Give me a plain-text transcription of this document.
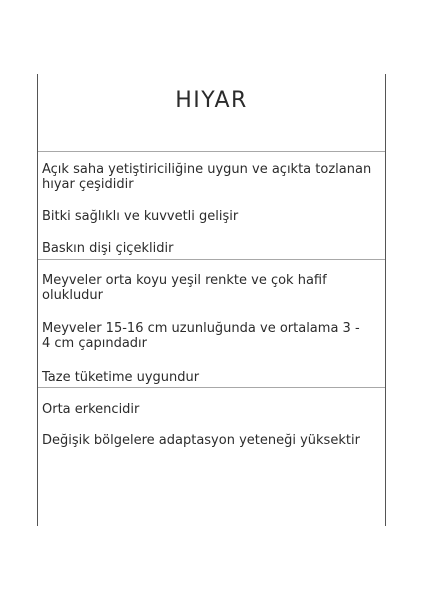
HIYAR
Açık saha yetiştiriciliğine uygun ve açıkta tozlanan hıyar çeşididir
Bitki sağlıklı ve kuvvetli gelişir
Baskın dişi çiçeklidir
Meyveler orta koyu yeşil renkte ve çok hafif olukludur
Meyveler 15-16 cm uzunluğunda ve ortalama 3 - 4 cm çapındadır
Taze tüketime uygundur
Orta erkencidir
Değişik bölgelere adaptasyon yeteneği yüksektir
